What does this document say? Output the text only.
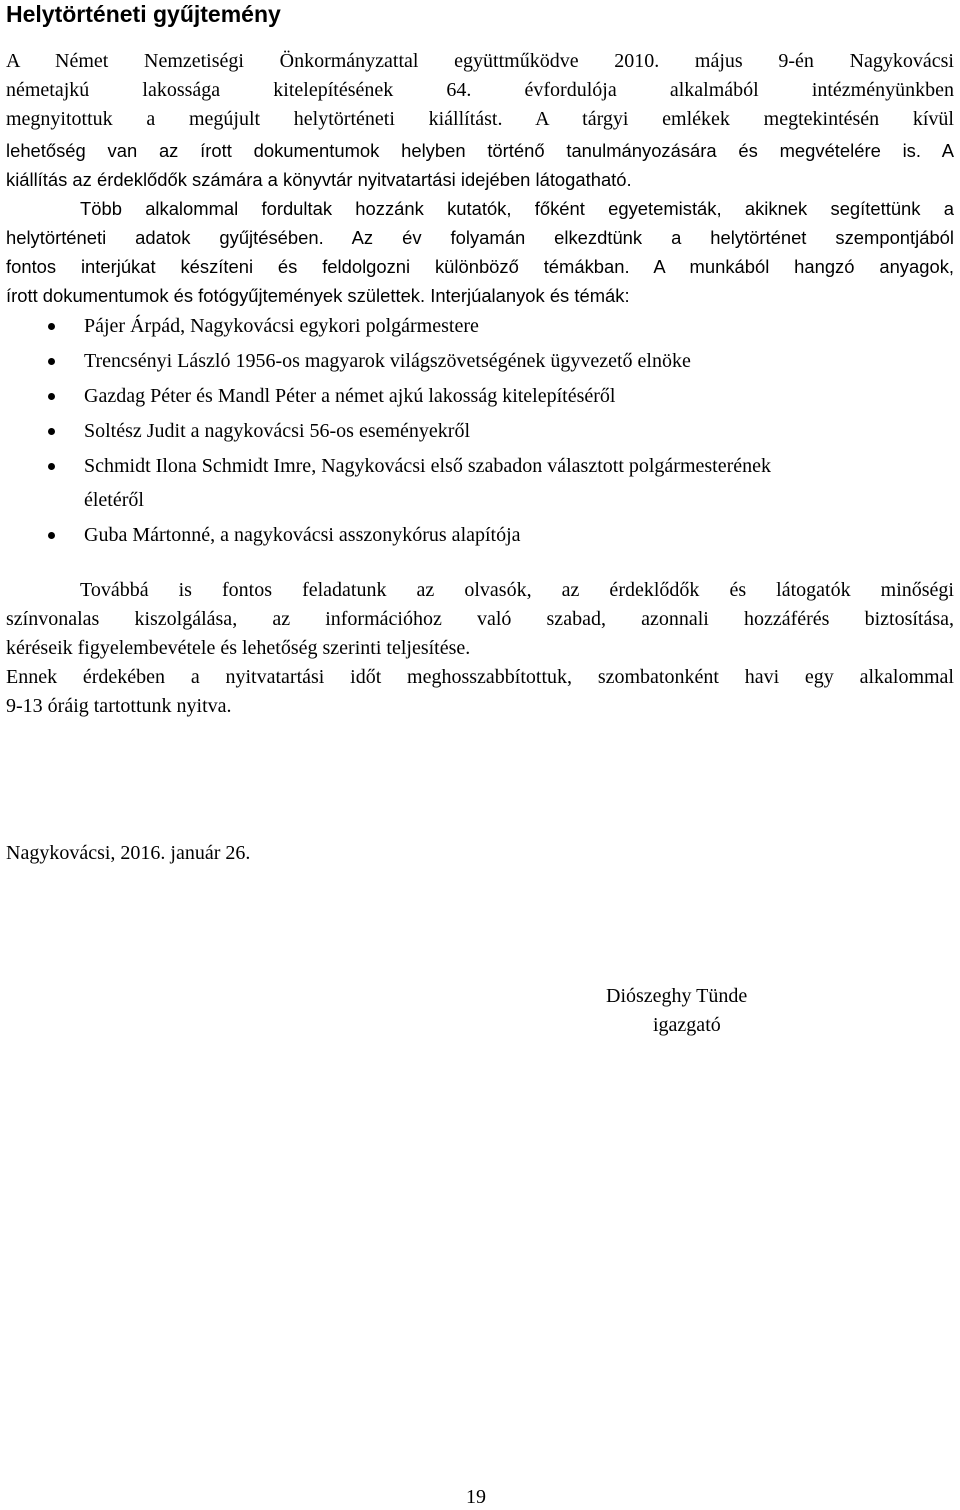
Helytörténeti gyűjtemény
A Német Nemzetiségi Önkormányzattal együttműködve 2010. május 9-én Nagykovácsi
németajkú lakossága kitelepítésének 64. évfordulója alkalmából intézményünkben
megnyitottuk a megújult helytörténeti kiállítást. A tárgyi emlékek megtekintésén kívül
lehetőség van az írott dokumentumok helyben történő tanulmányozására és megvételére is. A
kiállítás az érdeklődők számára a könyvtár nyitvatartási idejében látogatható.
Több alkalommal fordultak hozzánk kutatók, főként egyetemisták, akiknek segítettünk a
helytörténeti adatok gyűjtésében. Az év folyamán elkezdtünk a helytörténet szempontjából
fontos interjúkat készíteni és feldolgozni különböző témákban. A munkából hangzó anyagok,
írott dokumentumok és fotógyűjtemények születtek. Interjúalanyok és témák:
Pájer Árpád, Nagykovácsi egykori polgármestere
Trencsényi László 1956-os magyarok világszövetségének ügyvezető elnöke
Gazdag Péter és Mandl Péter a német ajkú lakosság kitelepítéséről
Soltész Judit a nagykovácsi 56-os eseményekről
Schmidt Ilona Schmidt Imre, Nagykovácsi első szabadon választott polgármesterének
életéről
Guba Mártonné, a nagykovácsi asszonykórus alapítója
Továbbá is fontos feladatunk az olvasók, az érdeklődők és látogatók minőségi
színvonalas kiszolgálása, az információhoz való szabad, azonnali hozzáférés biztosítása,
kéréseik figyelembevétele és lehetőség szerinti teljesítése.
Ennek érdekében a nyitvatartási időt meghosszabbítottuk, szombatonként havi egy alkalommal
9-13 óráig tartottunk nyitva.
Nagykovácsi, 2016. január 26.
Diószeghy Tünde
igazgató
19
